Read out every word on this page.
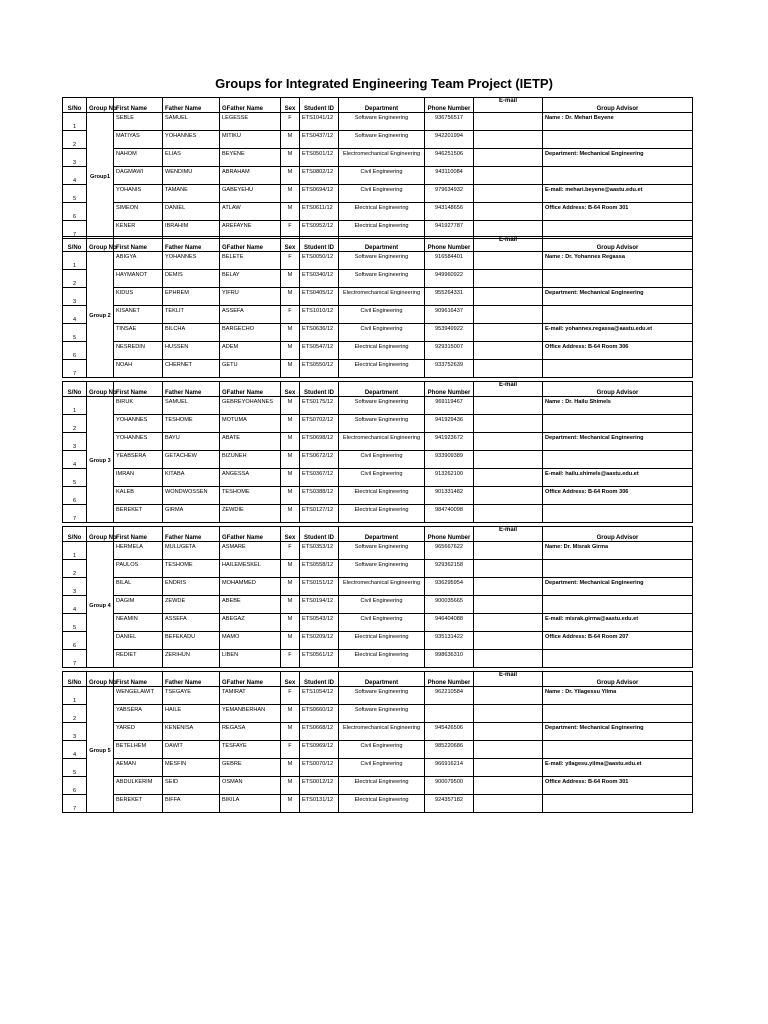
Groups for Integrated Engineering Team Project (IETP)
S/No	Group No	First Name	Father Name	GFather Name	Sex	Student ID	Department	Phone Number	E-mail	Group Advisor
1	Group1	SEBLE	SAMUEL	LEGESSE	F	ETS1041/12	Software Engineering	936756517		Name : Dr. Mehari Beyene
2		MATIYAS	YOHANNES	MITIKU	M	ETS0437/12	Software Engineering	942201994		
3		NAHOM	ELIAS	BEYENE	M	ETS0501/12	Electromechanical Engineering	946251506		Department: Mechanical Engineering
4		DAGMAWI	WENDIMU	ABRAHAM	M	ETS0802/12	Civil Engineering	943110084		
5		YOHANIS	TAMANE	GABEYEHU	M	ETS0694/12	Civil Engineering	979634932		E-mail: mehari.beyene@aastu.edu.et
6		SIMEON	DANIEL	ATLAW	M	ETS0611/12	Electrical Engineering	943148656		Office Address: B-64 Room 301
7		KENER	IBRAHIM	AREFAYNE	F	ETS0952/12	Electrical Engineering	941927787		
S/No	Group No	First Name	Father Name	GFather Name	Sex	Student ID	Department	Phone Number	E-mail	Group Advisor
1	Group 2	ABIGYA	YOHANNES	BELETE	F	ETS0050/12	Software Engineering	916584401		Name : Dr. Yohannes Regassa
2		HAYMANOT	DEMIS	BELAY	M	ETS0340/12	Software Engineering	949960922		
3		KIDUS	EPHREM	YIFRU	M	ETS0405/12	Electromechanical Engineering	955264331		Department: Mechanical Engineering
4		KISANET	TEKLIT	ASSEFA	F	ETS1010/12	Civil Engineering	909616437		
5		TINSAE	BILCHA	BARGECHO	M	ETS0636/12	Civil Engineering	953949922		E-mail: yohannes.regassa@aastu.edu.et
6		NESREDIN	HUSSEN	ADEM	M	ETS0547/12	Electrical Engineering	929315007		Office Address: B-64 Room 306
7		NOAH	CHERNET	GETU	M	ETS0550/12	Electrical Engineering	933752639		
S/No	Group No	First Name	Father Name	GFather Name	Sex	Student ID	Department	Phone Number	E-mail	Group Advisor
1	Group 3	BIRUK	SAMUEL	GEBREYOHANNES	M	ETS0175/12	Software Engineering	969119467		Name : Dr. Hailu Shimels
2		YOHANNES	TESHOME	MOTUMA	M	ETS0702/12	Software Engineering	941929436		
3		YOHANNES	BAYU	ABATE	M	ETS0698/12	Electromechanical Engineering	941923672		Department: Mechanical Engineering
4		YEABSERA	GETACHEW	BIZUNEH	M	ETS0672/12	Civil Engineering	933909389		
5		IMRAN	KITABA	ANGESSA	M	ETS0367/12	Civil Engineering	913262100		E-mail: hailu.shimels@aastu.edu.et
6		KALEB	WONDWOSSEN	TESHOME	M	ETS0388/12	Electrical Engineering	901331482		Office Address: B-64 Room 306
7		BEREKET	GIRMA	ZEWDIE	M	ETS0127/12	Electrical Engineering	984740098		
S/No	Group No	First Name	Father Name	GFather Name	Sex	Student ID	Department	Phone Number	E-mail	Group Advisor
1	Group 4	HERMELA	MULUGETA	ASMARE	F	ETS0353/12	Software Engineering	965667622		Name: Dr. Misrak Girma
2		PAULOS	TESHOME	HAILEMESKEL	M	ETS0558/12	Software Engineering	929362158		
3		BILAL	ENDRIS	MOHAMMED	M	ETS0151/12	Electromechanical Engineering	936295954		Department: Mechanical Engineering
4		DAGIM	ZEWDE	ABEBE	M	ETS0194/12	Civil Engineering	900035665		
5		NEAMIN	ASSEFA	ABEGAZ	M	ETS0543/12	Civil Engineering	946404088		E-mail: misrak.girma@aastu.edu.et
6		DANIEL	BEFEKADU	MAMO	M	ETS0209/12	Electrical Engineering	935131422		Office Address: B-64 Room 207
7		REDIET	ZERIHUN	LIBEN	F	ETS0561/12	Electrical Engineering	998636310		
S/No	Group No	First Name	Father Name	GFather Name	Sex	Student ID	Department	Phone Number	E-mail	Group Advisor
1	Group 5	WENGELAWIT	TSEGAYE	TAMIRAT	F	ETS1054/12	Software Engineering	962210584		Name : Dr. Yilagessu Yilma
2		YABSERA	HAILE	YEMANBERHAN	M	ETS0660/12	Software Engineering			
3		YARED	KENENISA	REGASA	M	ETS0668/12	Electromechanical Engineering	945426506		Department: Mechanical Engineering
4		BETELHEM	DAWIT	TESFAYE	F	ETS0969/12	Civil Engineering	985220686		
5		AEMAN	MESFIN	GEBRE	M	ETS0070/12	Civil Engineering	966916214		E-mail: yilagesu.yilma@aastu.edu.et
6		ABDULKERIM	SEID	OSMAN	M	ETS0012/12	Electrical Engineering	900079500		Office Address: B-64 Room 301
7		BEREKET	BIFFA	BIKILA	M	ETS0131/12	Electrical Engineering	924357182		
